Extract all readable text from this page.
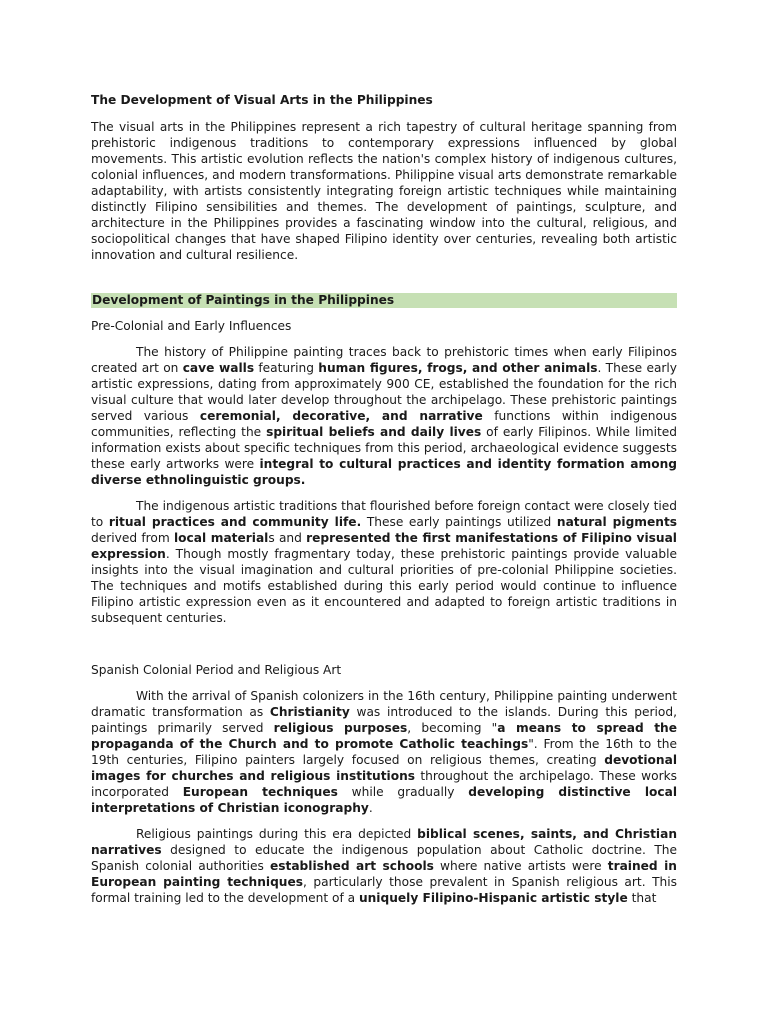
The Development of Visual Arts in the Philippines

The visual arts in the Philippines represent a rich tapestry of cultural heritage spanning from prehistoric indigenous traditions to contemporary expressions influenced by global movements. This artistic evolution reflects the nation's complex history of indigenous cultures, colonial influences, and modern transformations. Philippine visual arts demonstrate remarkable adaptability, with artists consistently integrating foreign artistic techniques while maintaining distinctly Filipino sensibilities and themes. The development of paintings, sculpture, and architecture in the Philippines provides a fascinating window into the cultural, religious, and sociopolitical changes that have shaped Filipino identity over centuries, revealing both artistic innovation and cultural resilience.

Development of Paintings in the Philippines
Pre-Colonial and Early Influences

The history of Philippine painting traces back to prehistoric times when early Filipinos created art on cave walls featuring human figures, frogs, and other animals. These early artistic expressions, dating from approximately 900 CE, established the foundation for the rich visual culture that would later develop throughout the archipelago. These prehistoric paintings served various ceremonial, decorative, and narrative functions within indigenous communities, reflecting the spiritual beliefs and daily lives of early Filipinos. While limited information exists about specific techniques from this period, archaeological evidence suggests these early artworks were integral to cultural practices and identity formation among diverse ethnolinguistic groups.

The indigenous artistic traditions that flourished before foreign contact were closely tied to ritual practices and community life. These early paintings utilized natural pigments derived from local materials and represented the first manifestations of Filipino visual expression. Though mostly fragmentary today, these prehistoric paintings provide valuable insights into the visual imagination and cultural priorities of pre-colonial Philippine societies. The techniques and motifs established during this early period would continue to influence Filipino artistic expression even as it encountered and adapted to foreign artistic traditions in subsequent centuries.

Spanish Colonial Period and Religious Art

With the arrival of Spanish colonizers in the 16th century, Philippine painting underwent dramatic transformation as Christianity was introduced to the islands. During this period, paintings primarily served religious purposes, becoming "a means to spread the propaganda of the Church and to promote Catholic teachings". From the 16th to the 19th centuries, Filipino painters largely focused on religious themes, creating devotional images for churches and religious institutions throughout the archipelago. These works incorporated European techniques while gradually developing distinctive local interpretations of Christian iconography.

Religious paintings during this era depicted biblical scenes, saints, and Christian narratives designed to educate the indigenous population about Catholic doctrine. The Spanish colonial authorities established art schools where native artists were trained in European painting techniques, particularly those prevalent in Spanish religious art. This formal training led to the development of a uniquely Filipino-Hispanic artistic style that
